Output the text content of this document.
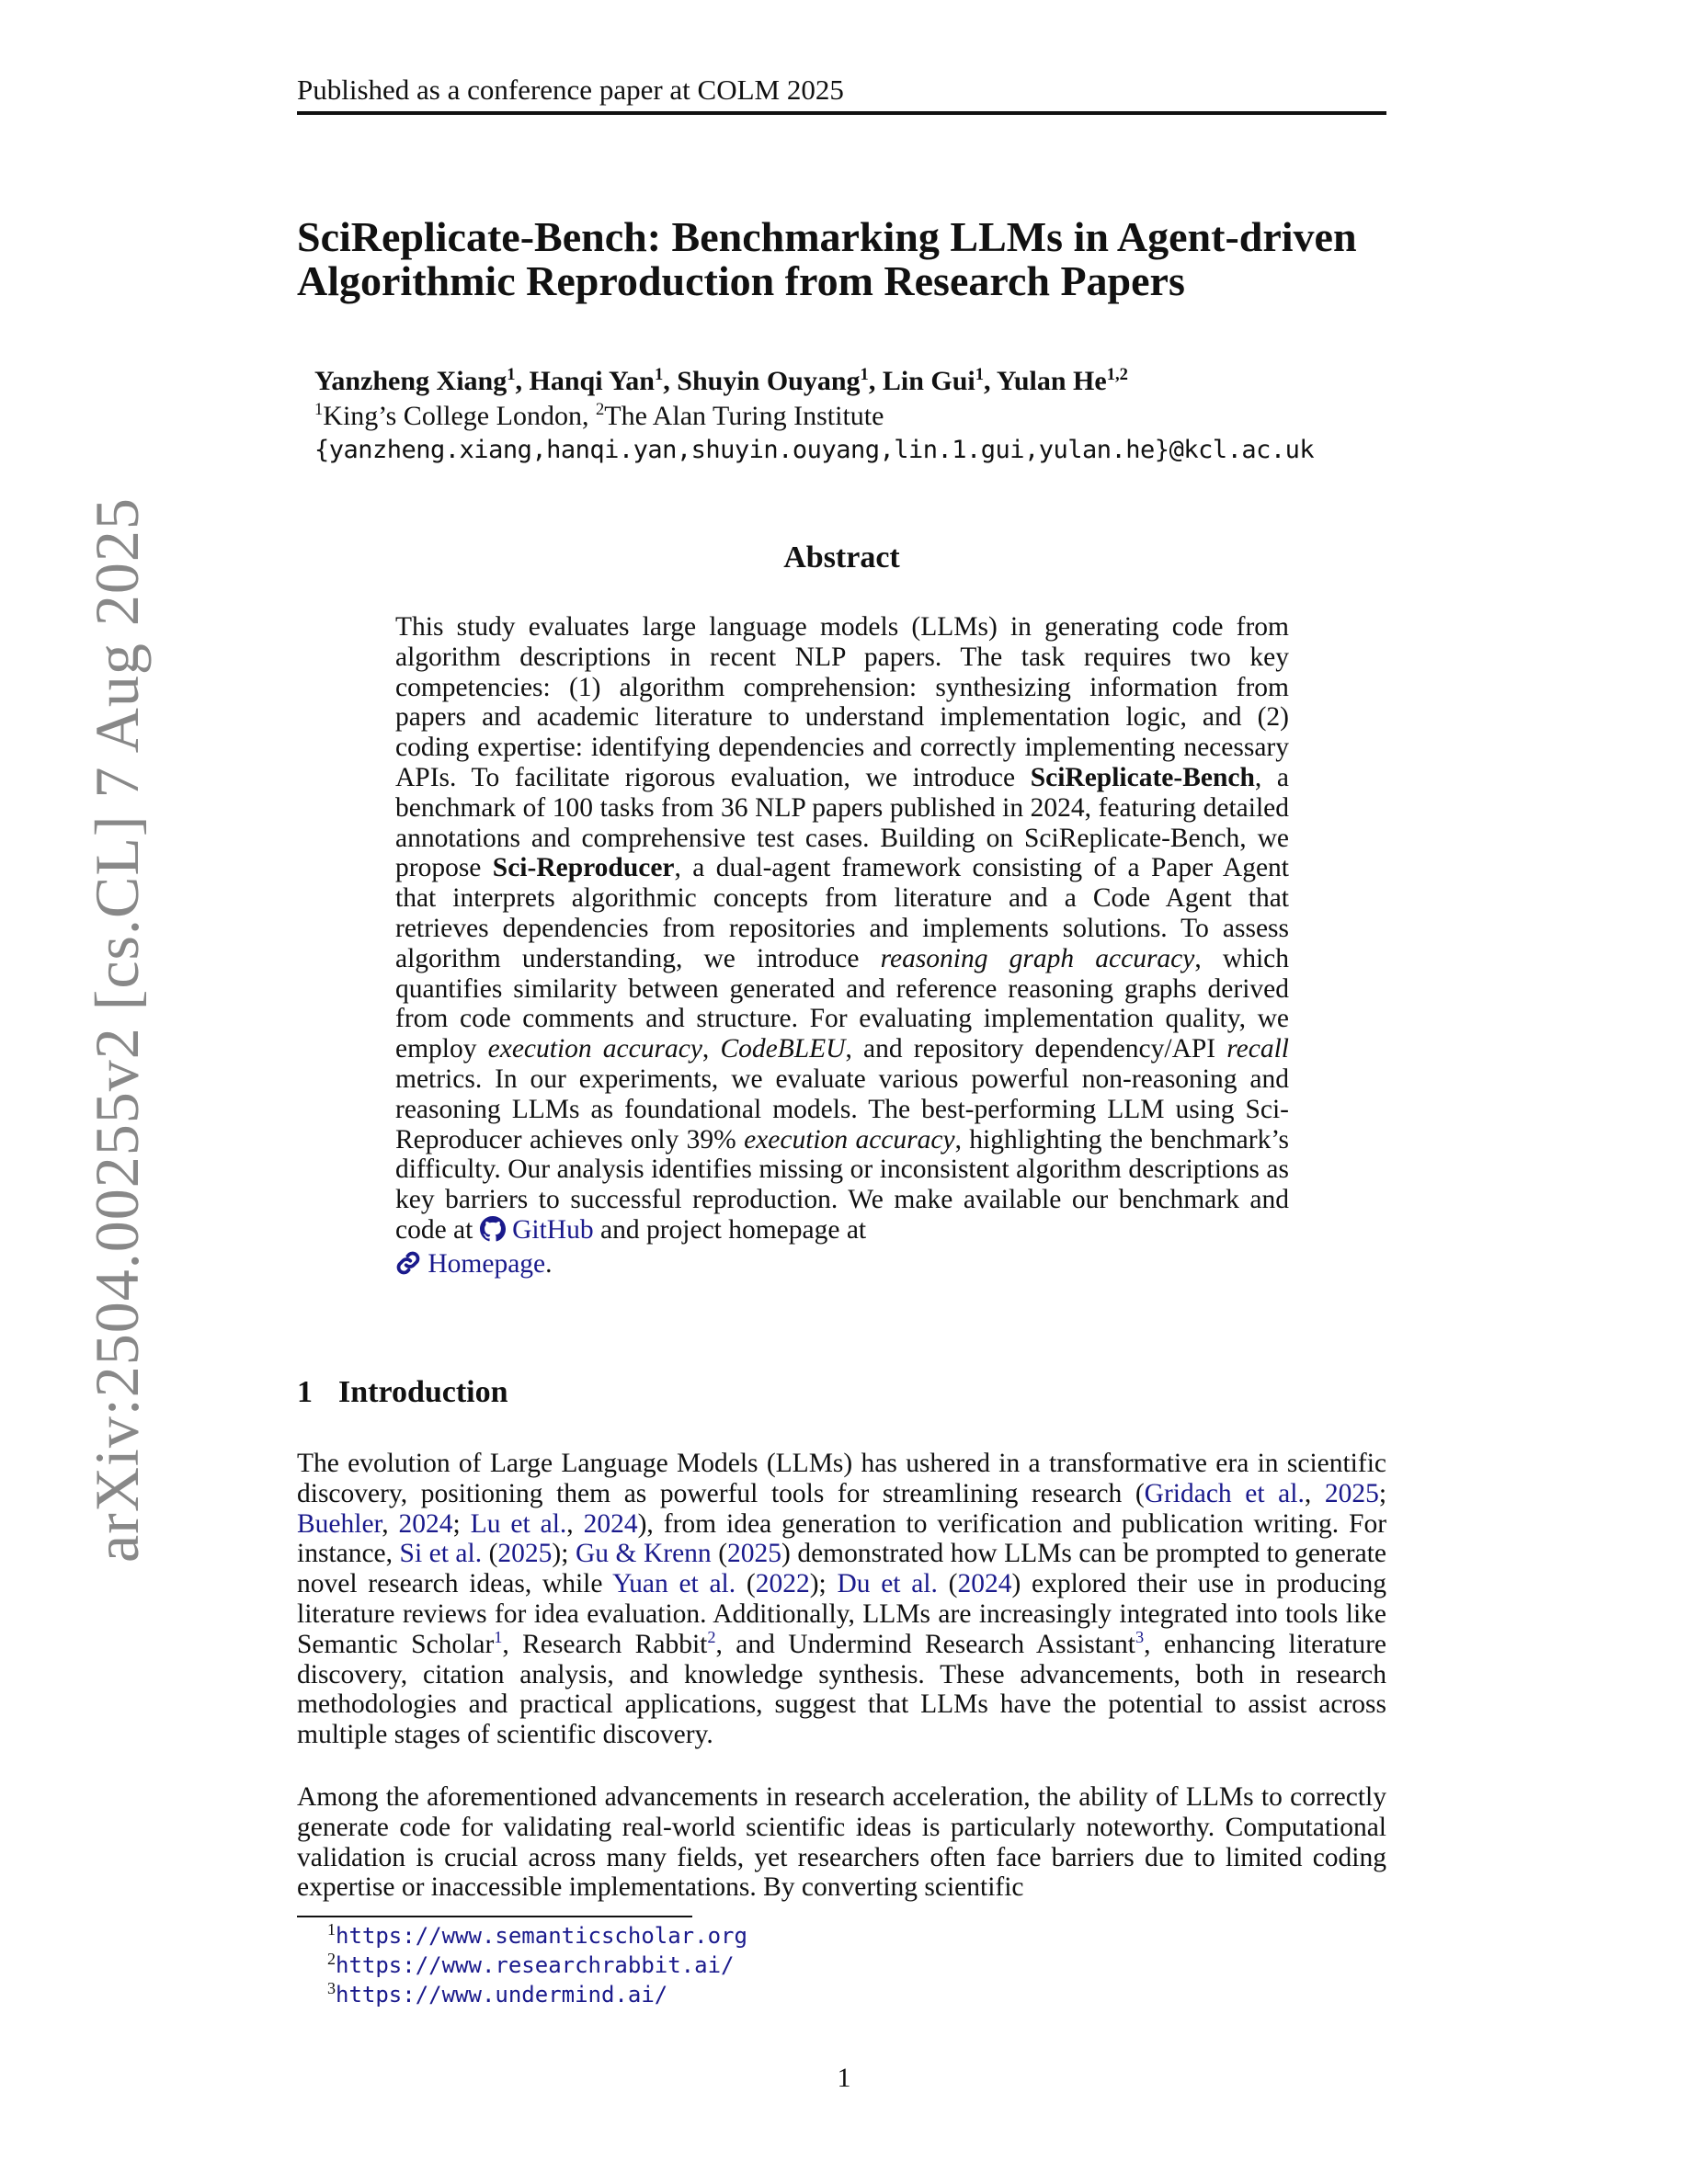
Published as a conference paper at COLM 2025
SciReplicate-Bench: Benchmarking LLMs in Agent-driven
Algorithmic Reproduction from Research Papers
Yanzheng Xiang$^1$, Hanqi Yan$^1$, Shuyin Ouyang$^1$, Lin Gui$^1$, Yulan He$^{1,2}$
$^1$King’s College London, $^2$The Alan Turing Institute
{yanzheng.xiang,hanqi.yan,shuyin.ouyang,lin.1.gui,yulan.he}@kcl.ac.uk
Abstract
This study evaluates large language models (LLMs) in generating code from algorithm descriptions in recent NLP papers. The task requires two key competencies: (1) algorithm comprehension: synthesizing information from papers and academic literature to understand implementation logic, and (2) coding expertise: identifying dependencies and correctly implementing necessary APIs. To facilitate rigorous evaluation, we introduce SciReplicate-Bench, a benchmark of 100 tasks from 36 NLP papers published in 2024, featuring detailed annotations and comprehensive test cases. Building on SciReplicate-Bench, we propose Sci-Reproducer, a dual-agent framework consisting of a Paper Agent that interprets algorithmic concepts from literature and a Code Agent that retrieves dependencies from repositories and implements solutions. To assess algorithm understanding, we introduce reasoning graph accuracy, which quantifies similarity between generated and reference reasoning graphs derived from code comments and structure. For evaluating implementation quality, we employ execution accuracy, CodeBLEU, and repository dependency/API recall metrics. In our experiments, we evaluate various powerful non-reasoning and reasoning LLMs as foundational models. The best-performing LLM using Sci-Reproducer achieves only 39% execution accuracy, highlighting the benchmark’s difficulty. Our analysis identifies missing or inconsistent algorithm descriptions as key barriers to successful reproduction. We make available our benchmark and code at  GitHub and project homepage at
Homepage.
1 Introduction
The evolution of Large Language Models (LLMs) has ushered in a transformative era in scientific discovery, positioning them as powerful tools for streamlining research (Gridach et al., 2025; Buehler, 2024; Lu et al., 2024), from idea generation to verification and publication writing. For instance, Si et al. (2025); Gu & Krenn (2025) demonstrated how LLMs can be prompted to generate novel research ideas, while Yuan et al. (2022); Du et al. (2024) explored their use in producing literature reviews for idea evaluation. Additionally, LLMs are increasingly integrated into tools like Semantic Scholar$^1$, Research Rabbit$^2$, and Undermind Research Assistant$^3$, enhancing literature discovery, citation analysis, and knowledge synthesis. These advancements, both in research methodologies and practical applications, suggest that LLMs have the potential to assist across multiple stages of scientific discovery.
Among the aforementioned advancements in research acceleration, the ability of LLMs to correctly generate code for validating real-world scientific ideas is particularly noteworthy. Computational validation is crucial across many fields, yet researchers often face barriers due to limited coding expertise or inaccessible implementations. By converting scientific
$^1$https://www.semanticscholar.org
$^2$https://www.researchrabbit.ai/
$^3$https://www.undermind.ai/
1
arXiv:2504.00255v2 [cs.CL] 7 Aug 2025
